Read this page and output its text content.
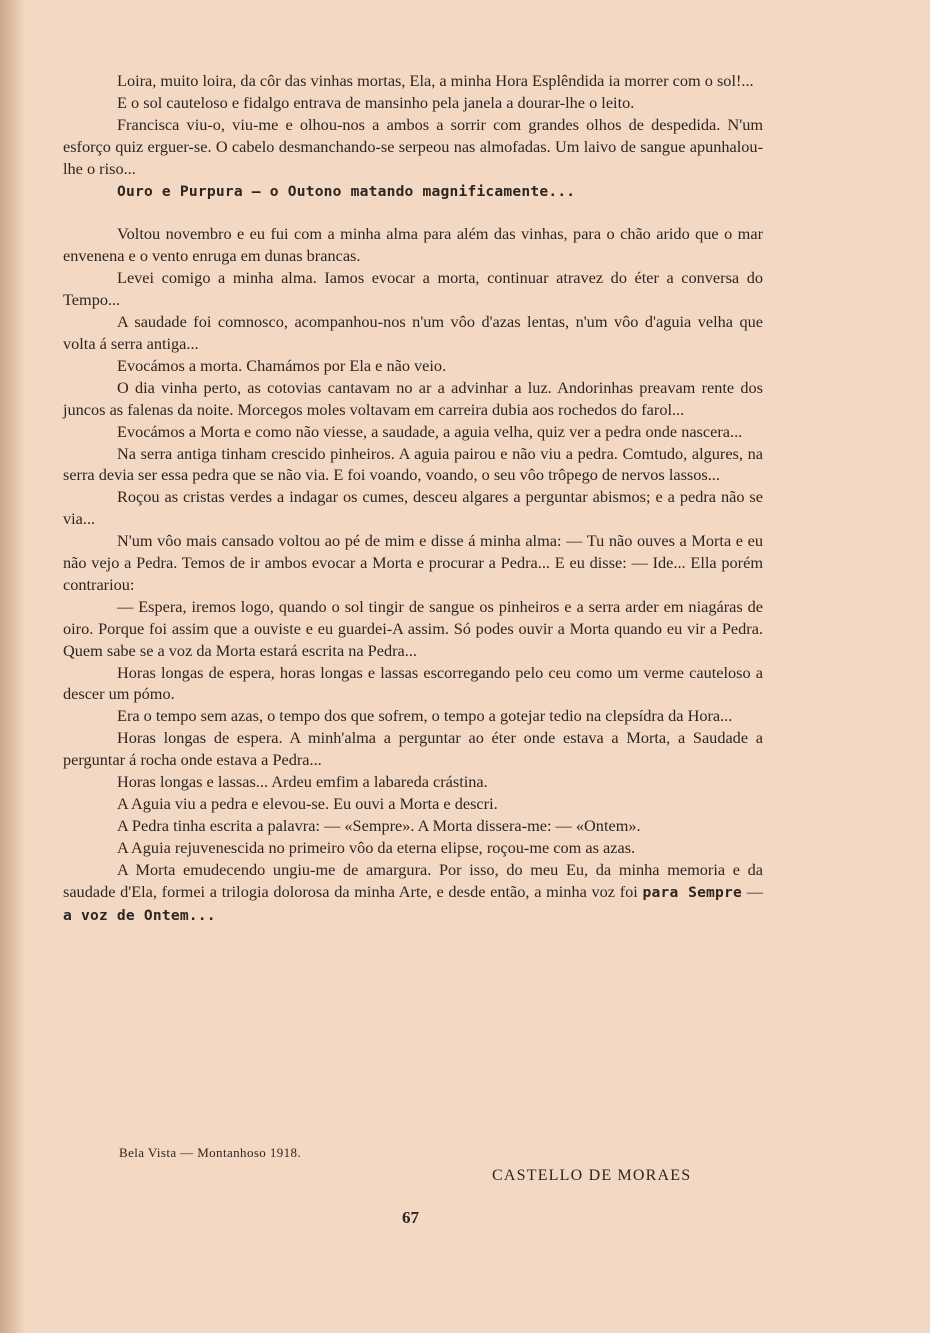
Loira, muito loira, da côr das vinhas mortas, Ela, a minha Hora Esplêndida ia morrer com o sol!...

E o sol cauteloso e fidalgo entrava de mansinho pela janela a dourar-lhe o leito.

Francisca viu-o, viu-me e olhou-nos a ambos a sorrir com grandes olhos de despedida. N'um esforço quiz erguer-se. O cabelo desmanchando-se serpeou nas almofadas. Um laivo de sangue apunhalou-lhe o riso...

Ouro e Purpura — o Outono matando magnificamente...

Voltou novembro e eu fui com a minha alma para além das vinhas, para o chão arido que o mar envenena e o vento enruga em dunas brancas.

Levei comigo a minha alma. Iamos evocar a morta, continuar atravez do éter a conversa do Tempo...

A saudade foi comnosco, acompanhou-nos n'um vôo d'azas lentas, n'um vôo d'aguia velha que volta á serra antiga...

Evocámos a morta. Chamámos por Ela e não veio.

O dia vinha perto, as cotovias cantavam no ar a advinhar a luz. Andorinhas preavam rente dos juncos as falenas da noite. Morcegos moles voltavam em carreira dubia aos rochedos do farol...

Evocámos a Morta e como não viesse, a saudade, a aguia velha, quiz ver a pedra onde nascera...

Na serra antiga tinham crescido pinheiros. A aguia pairou e não viu a pedra. Comtudo, algures, na serra devia ser essa pedra que se não via. E foi voando, voando, o seu vôo trôpego de nervos lassos...

Roçou as cristas verdes a indagar os cumes, desceu algares a perguntar abismos; e a pedra não se via...

N'um vôo mais cansado voltou ao pé de mim e disse á minha alma: — Tu não ouves a Morta e eu não vejo a Pedra. Temos de ir ambos evocar a Morta e procurar a Pedra... E eu disse: — Ide... Ella porém contrariou:

— Espera, iremos logo, quando o sol tingir de sangue os pinheiros e a serra arder em niagáras de oiro. Porque foi assim que a ouviste e eu guardei-A assim. Só podes ouvir a Morta quando eu vir a Pedra. Quem sabe se a voz da Morta estará escrita na Pedra...

Horas longas de espera, horas longas e lassas escorregando pelo ceu como um verme cauteloso a descer um pómo.

Era o tempo sem azas, o tempo dos que sofrem, o tempo a gotejar tedio na clepsídra da Hora...

Horas longas de espera. A minh'alma a perguntar ao éter onde estava a Morta, a Saudade a perguntar á rocha onde estava a Pedra...

Horas longas e lassas... Ardeu emfim a labareda crástina.

A Aguia viu a pedra e elevou-se. Eu ouvi a Morta e descri.

A Pedra tinha escrita a palavra: — «Sempre». A Morta dissera-me: — «Ontem».

A Aguia rejuvenescida no primeiro vôo da eterna elipse, roçou-me com as azas.

A Morta emudecendo ungiu-me de amargura. Por isso, do meu Eu, da minha memoria e da saudade d'Ela, formei a trilogia dolorosa da minha Arte, e desde então, a minha voz foi para Sempre — a voz de Ontem...

Bela Vista — Montanhoso 1918.
CASTELLO DE MORAES
67
